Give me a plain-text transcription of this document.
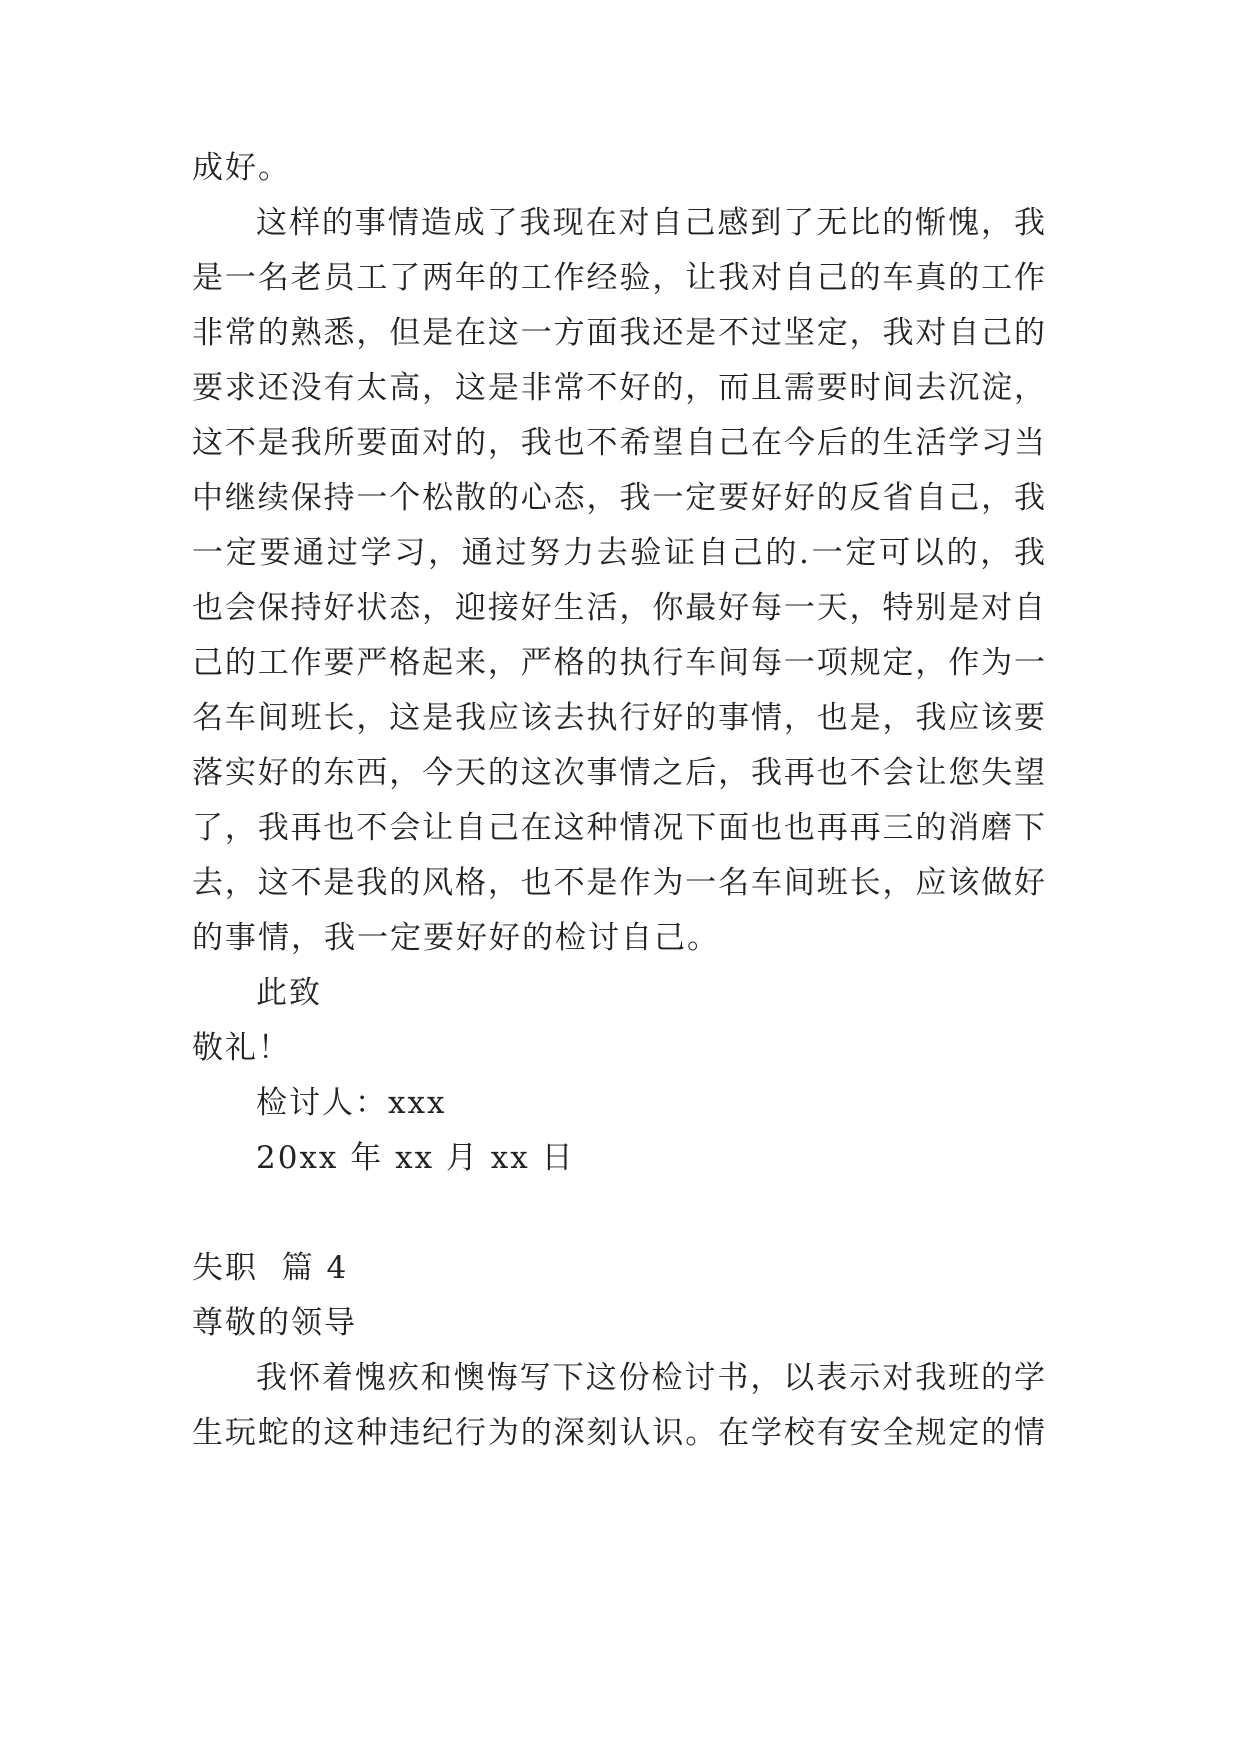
成好。

这样的事情造成了我现在对自己感到了无比的惭愧，我

是一名老员工了两年的工作经验，让我对自己的车真的工作

非常的熟悉，但是在这一方面我还是不过坚定，我对自己的

要求还没有太高，这是非常不好的，而且需要时间去沉淀，

这不是我所要面对的，我也不希望自己在今后的生活学习当

中继续保持一个松散的心态，我一定要好好的反省自己，我

一定要通过学习，通过努力去验证自己的.一定可以的，我

也会保持好状态，迎接好生活，你最好每一天，特别是对自

己的工作要严格起来，严格的执行车间每一项规定，作为一

名车间班长，这是我应该去执行好的事情，也是，我应该要

落实好的东西，今天的这次事情之后，我再也不会让您失望

了，我再也不会让自己在这种情况下面也也再再三的消磨下

去，这不是我的风格，也不是作为一名车间班长，应该做好

的事情，我一定要好好的检讨自己。

此致

敬礼！

检讨人：xxx

20xx 年 xx 月 xx 日

失职  篇 4

尊敬的领导

我怀着愧疚和懊悔写下这份检讨书，以表示对我班的学

生玩蛇的这种违纪行为的深刻认识。在学校有安全规定的情
